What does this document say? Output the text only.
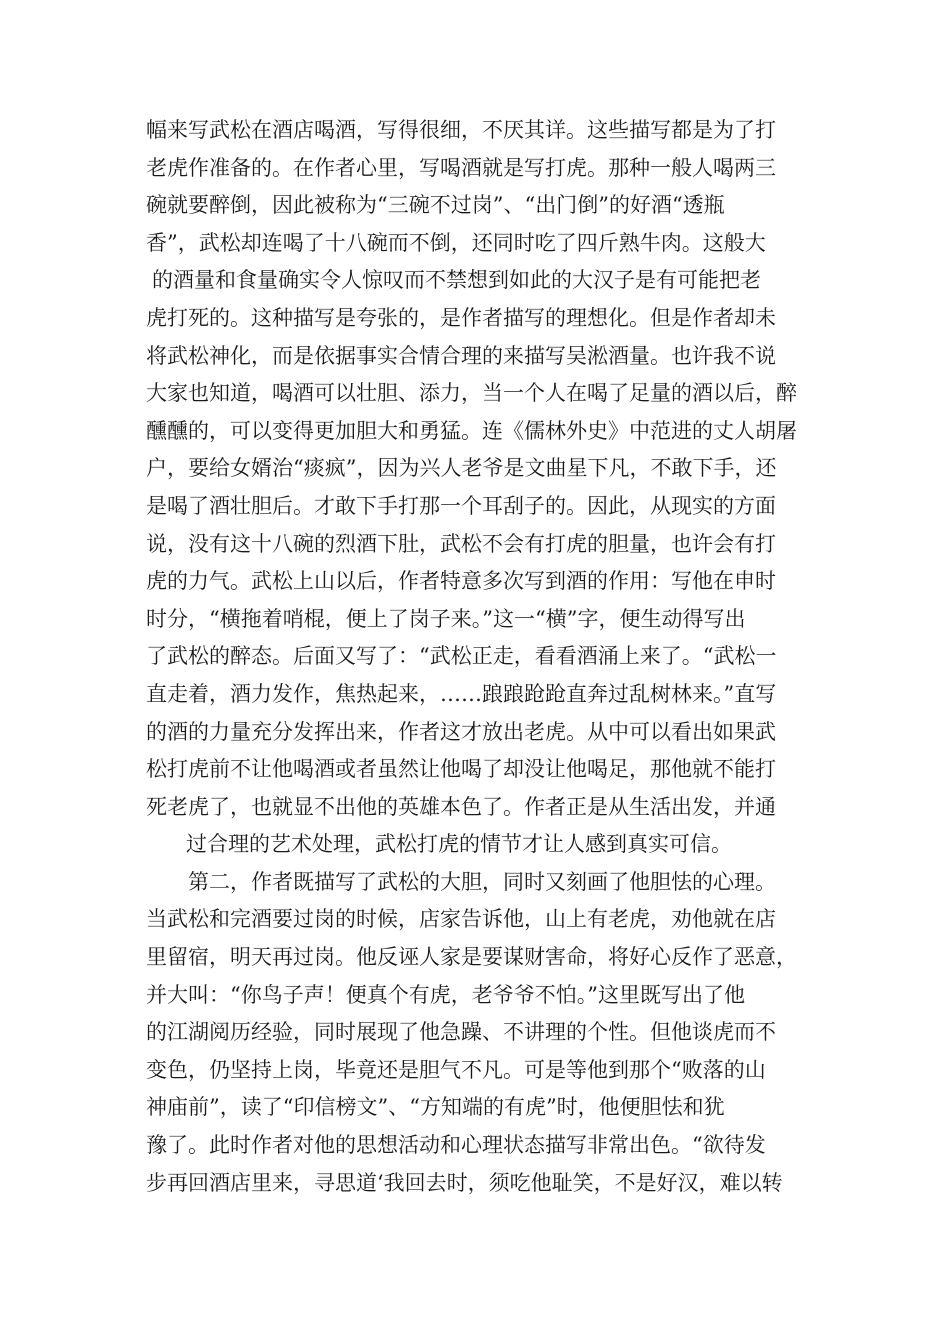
幅来写武松在酒店喝酒，写得很细，不厌其详。这些描写都是为了打
老虎作准备的。在作者心里，写喝酒就是写打虎。那种一般人喝两三
碗就要醉倒，因此被称为“三碗不过岗”、“出门倒”的好酒“透瓶
香”，武松却连喝了十八碗而不倒，还同时吃了四斤熟牛肉。这般大
的酒量和食量确实令人惊叹而不禁想到如此的大汉子是有可能把老
虎打死的。这种描写是夸张的，是作者描写的理想化。但是作者却未
将武松神化，而是依据事实合情合理的来描写吴淞酒量。也许我不说
大家也知道，喝酒可以壮胆、添力，当一个人在喝了足量的酒以后，醉
醺醺的，可以变得更加胆大和勇猛。连《儒林外史》中范进的丈人胡屠
户，要给女婿治“痰疯”，因为兴人老爷是文曲星下凡，不敢下手，还
是喝了酒壮胆后。才敢下手打那一个耳刮子的。因此，从现实的方面
说，没有这十八碗的烈酒下肚，武松不会有打虎的胆量，也许会有打
虎的力气。武松上山以后，作者特意多次写到酒的作用：写他在申时
时分，“横拖着哨棍，便上了岗子来。”这一“横”字，便生动得写出
了武松的醉态。后面又写了：“武松正走，看看酒涌上来了。“武松一
直走着，酒力发作，焦热起来，……踉踉跄跄直奔过乱树林来。”直写
的酒的力量充分发挥出来，作者这才放出老虎。从中可以看出如果武
松打虎前不让他喝酒或者虽然让他喝了却没让他喝足，那他就不能打
死老虎了，也就显不出他的英雄本色了。作者正是从生活出发，并通
过合理的艺术处理，武松打虎的情节才让人感到真实可信。
第二，作者既描写了武松的大胆，同时又刻画了他胆怯的心理。
当武松和完酒要过岗的时候，店家告诉他，山上有老虎，劝他就在店
里留宿，明天再过岗。他反诬人家是要谋财害命，将好心反作了恶意，
并大叫：“你鸟子声！便真个有虎，老爷爷不怕。”这里既写出了他
的江湖阅历经验，同时展现了他急躁、不讲理的个性。但他谈虎而不
变色，仍坚持上岗，毕竟还是胆气不凡。可是等他到那个“败落的山
神庙前”，读了“印信榜文”、“方知端的有虎”时，他便胆怯和犹
豫了。此时作者对他的思想活动和心理状态描写非常出色。“欲待发
步再回酒店里来，寻思道‘我回去时，须吃他耻笑，不是好汉，难以转
